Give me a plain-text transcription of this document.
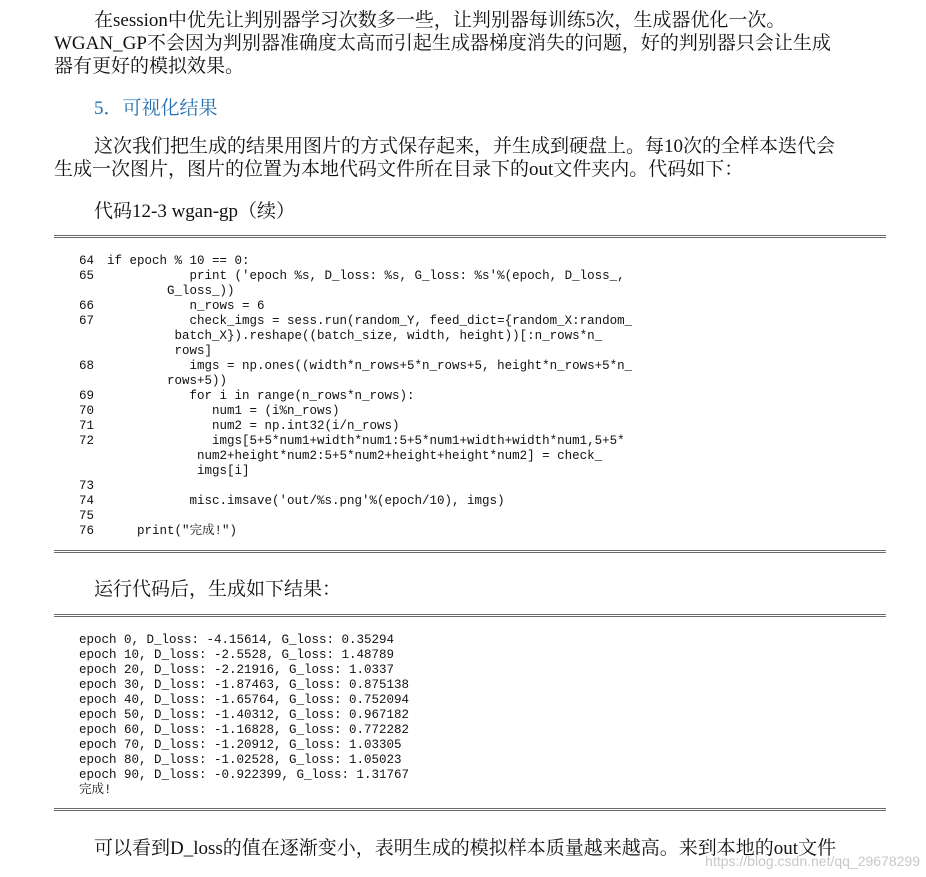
在session中优先让判别器学习次数多一些，让判别器每训练5次，生成器优化一次。
WGAN_GP不会因为判别器准确度太高而引起生成器梯度消失的问题，好的判别器只会让生成
器有更好的模拟效果。

5．可视化结果

这次我们把生成的结果用图片的方式保存起来，并生成到硬盘上。每10次的全样本迭代会
生成一次图片，图片的位置为本地代码文件所在目录下的out文件夹内。代码如下：

代码12-3 wgan-gp（续）

64 if epoch % 10 == 0:
65           print ('epoch %s, D_loss: %s, G_loss: %s'%(epoch, D_loss_,
G_loss_))
66           n_rows = 6
67           check_imgs = sess.run(random_Y, feed_dict={random_X:random_
batch_X}).reshape((batch_size, width, height))[:n_rows*n_
rows]
68           imgs = np.ones((width*n_rows+5*n_rows+5, height*n_rows+5*n_
rows+5))
69           for i in range(n_rows*n_rows):
70              num1 = (i%n_rows)
71              num2 = np.int32(i/n_rows)
72              imgs[5+5*num1+width*num1:5+5*num1+width+width*num1,5+5*
num2+height*num2:5+5*num2+height+height*num2] = check_
imgs[i]
73
74           misc.imsave('out/%s.png'%(epoch/10), imgs)
75
76    print("完成!")

运行代码后，生成如下结果：

epoch 0, D_loss: -4.15614, G_loss: 0.35294
epoch 10, D_loss: -2.5528, G_loss: 1.48789
epoch 20, D_loss: -2.21916, G_loss: 1.0337
epoch 30, D_loss: -1.87463, G_loss: 0.875138
epoch 40, D_loss: -1.65764, G_loss: 0.752094
epoch 50, D_loss: -1.40312, G_loss: 0.967182
epoch 60, D_loss: -1.16828, G_loss: 0.772282
epoch 70, D_loss: -1.20912, G_loss: 1.03305
epoch 80, D_loss: -1.02528, G_loss: 1.05023
epoch 90, D_loss: -0.922399, G_loss: 1.31767
完成!

可以看到D_loss的值在逐渐变小，表明生成的模拟样本质量越来越高。来到本地的out文件

https://blog.csdn.net/qq_29678299
